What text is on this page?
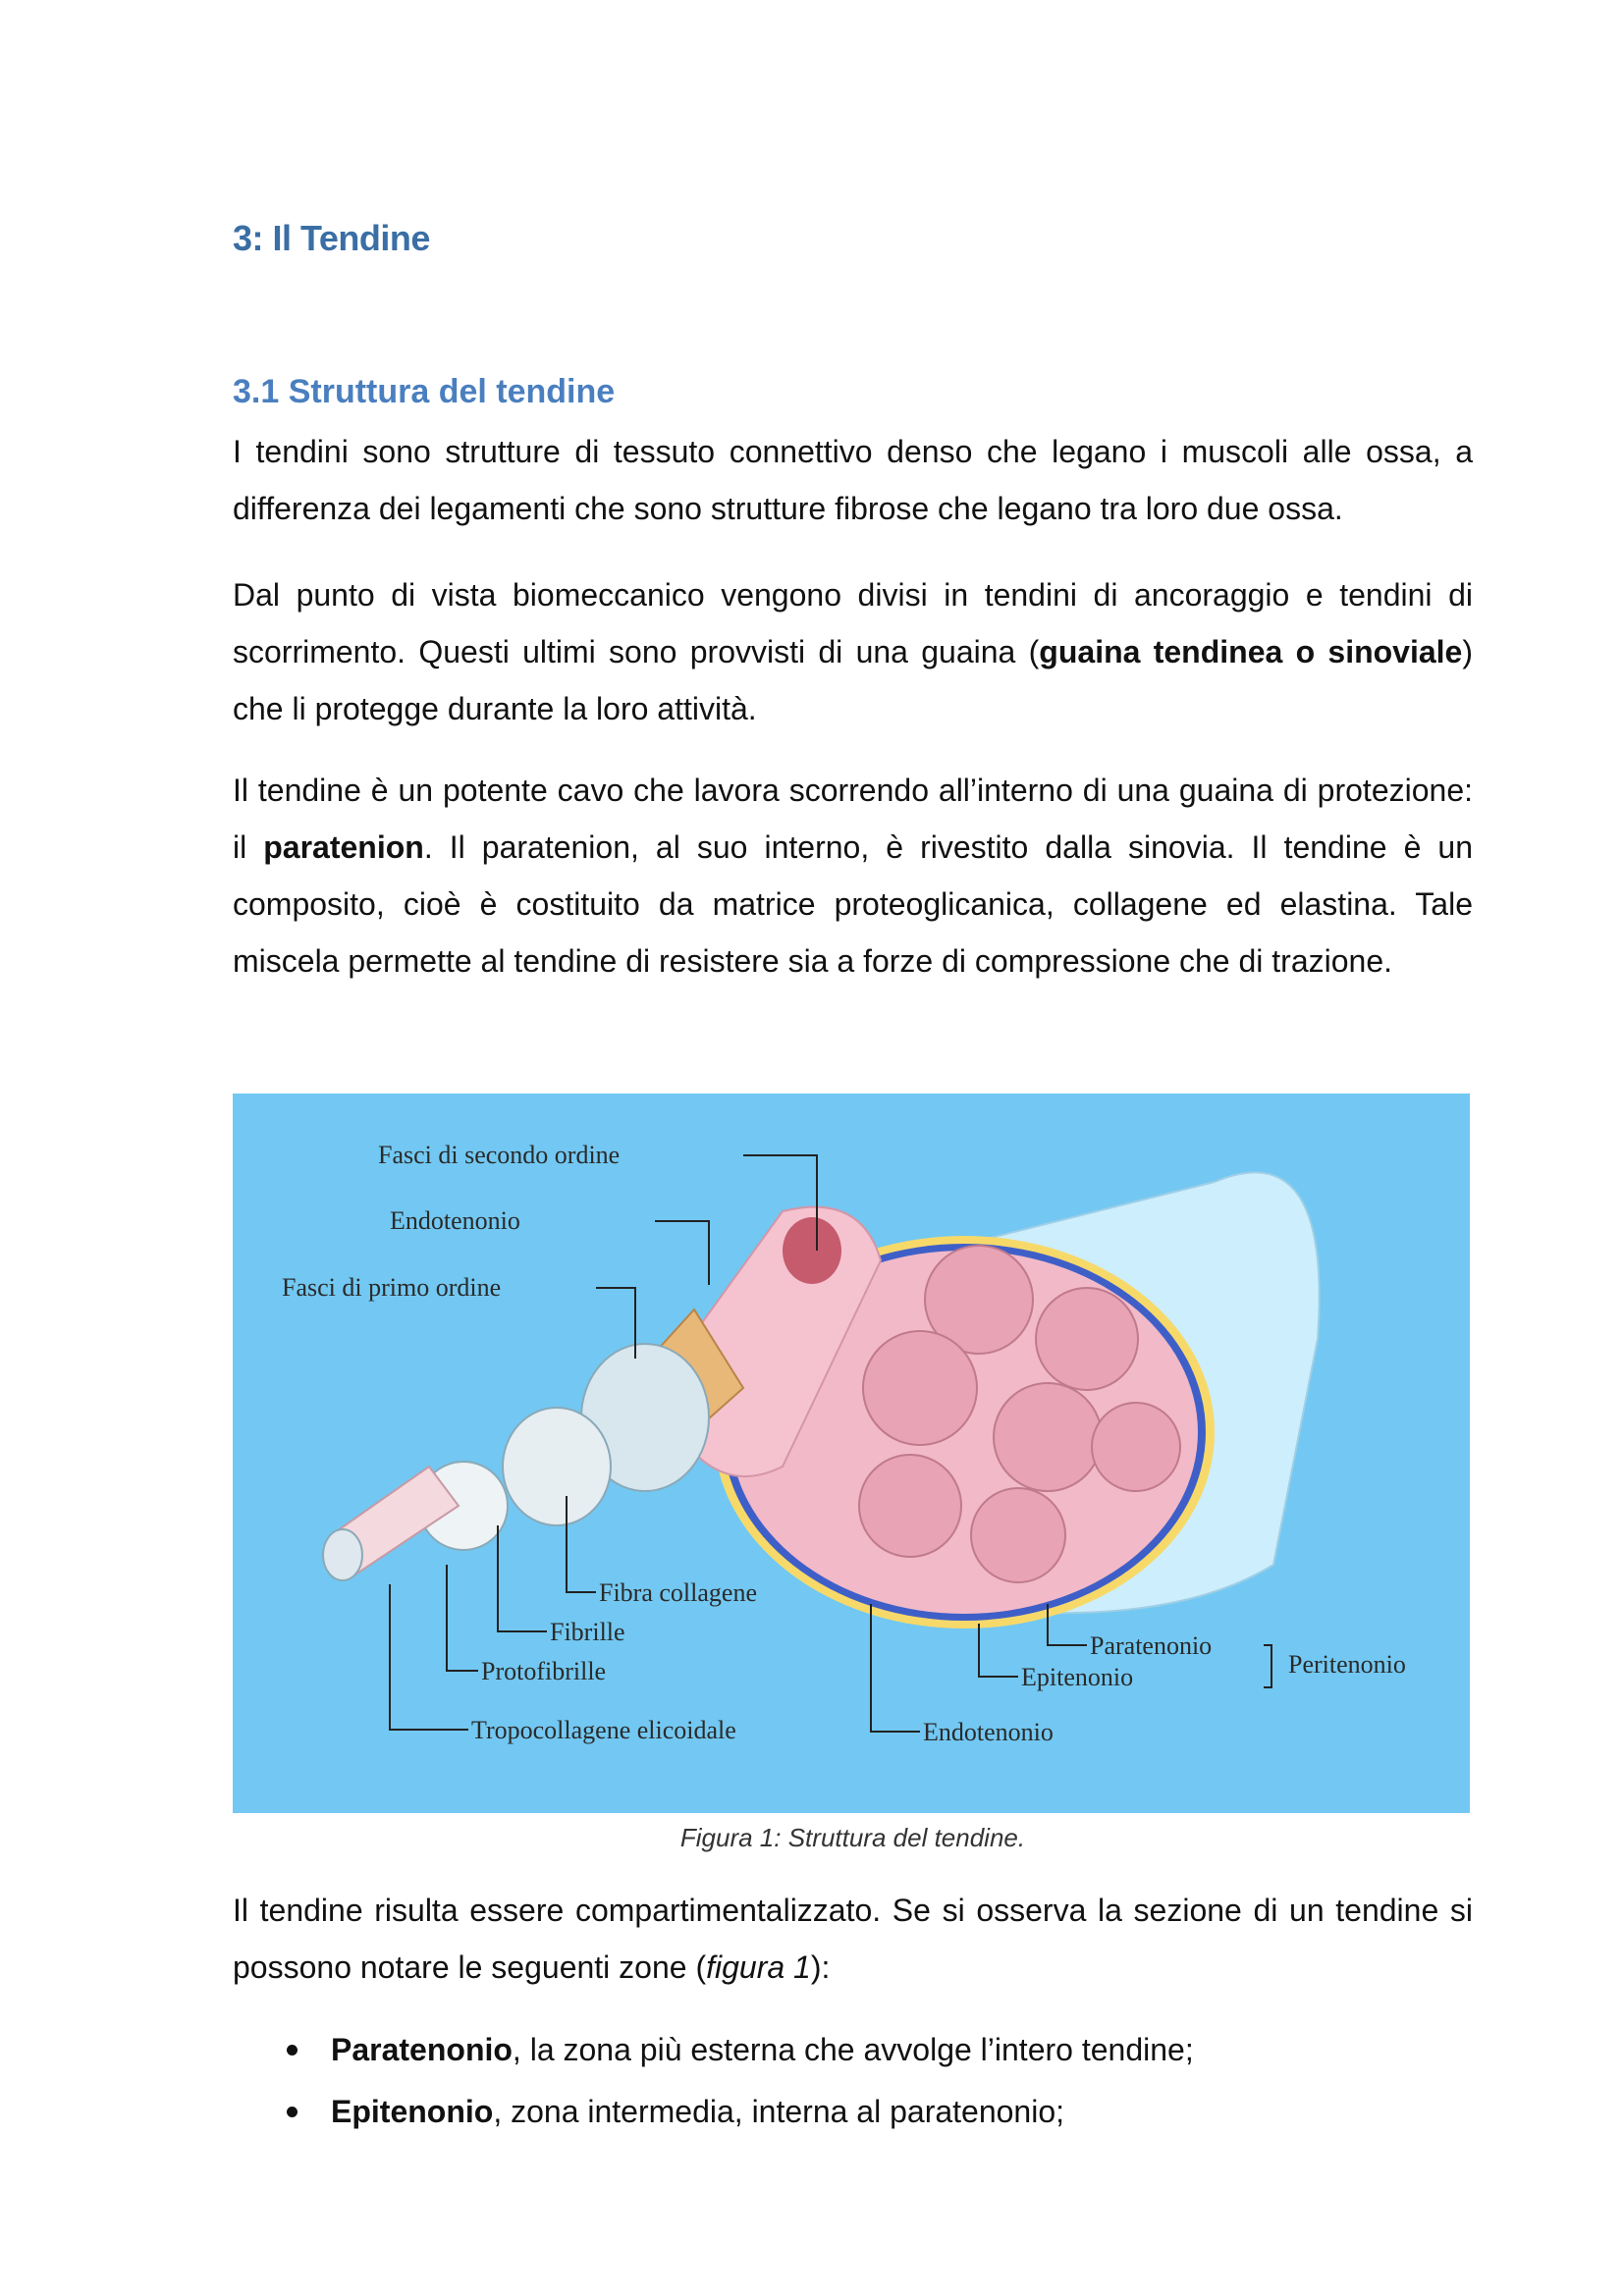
3: Il Tendine
3.1 Struttura del tendine

I tendini sono strutture di tessuto connettivo denso che legano i muscoli alle ossa, a differenza dei legamenti che sono strutture fibrose che legano tra loro due ossa.

Dal punto di vista biomeccanico vengono divisi in tendini di ancoraggio e tendini di scorrimento. Questi ultimi sono provvisti di una guaina (guaina tendinea o sinoviale) che li protegge durante la loro attività.

Il tendine è un potente cavo che lavora scorrendo all’interno di una guaina di protezione: il paratenion. Il paratenion, al suo interno, è rivestito dalla sinovia. Il tendine è un composito, cioè è costituito da matrice proteoglicanica, collagene ed elastina. Tale miscela permette al tendine di resistere sia a forze di compressione che di trazione.

Fasci di secondo ordine
Endotenonio
Fasci di primo ordine
Fibra collagene
Fibrille
Protofibrille
Tropocollagene elicoidale
Paratenonio
Epitenonio
Endotenonio
Peritenonio
Figura 1: Struttura del tendine.

Il tendine risulta essere compartimentalizzato. Se si osserva la sezione di un tendine si possono notare le seguenti zone (figura 1):

Paratenonio, la zona più esterna che avvolge l’intero tendine;
Epitenonio, zona intermedia, interna al paratenonio;
